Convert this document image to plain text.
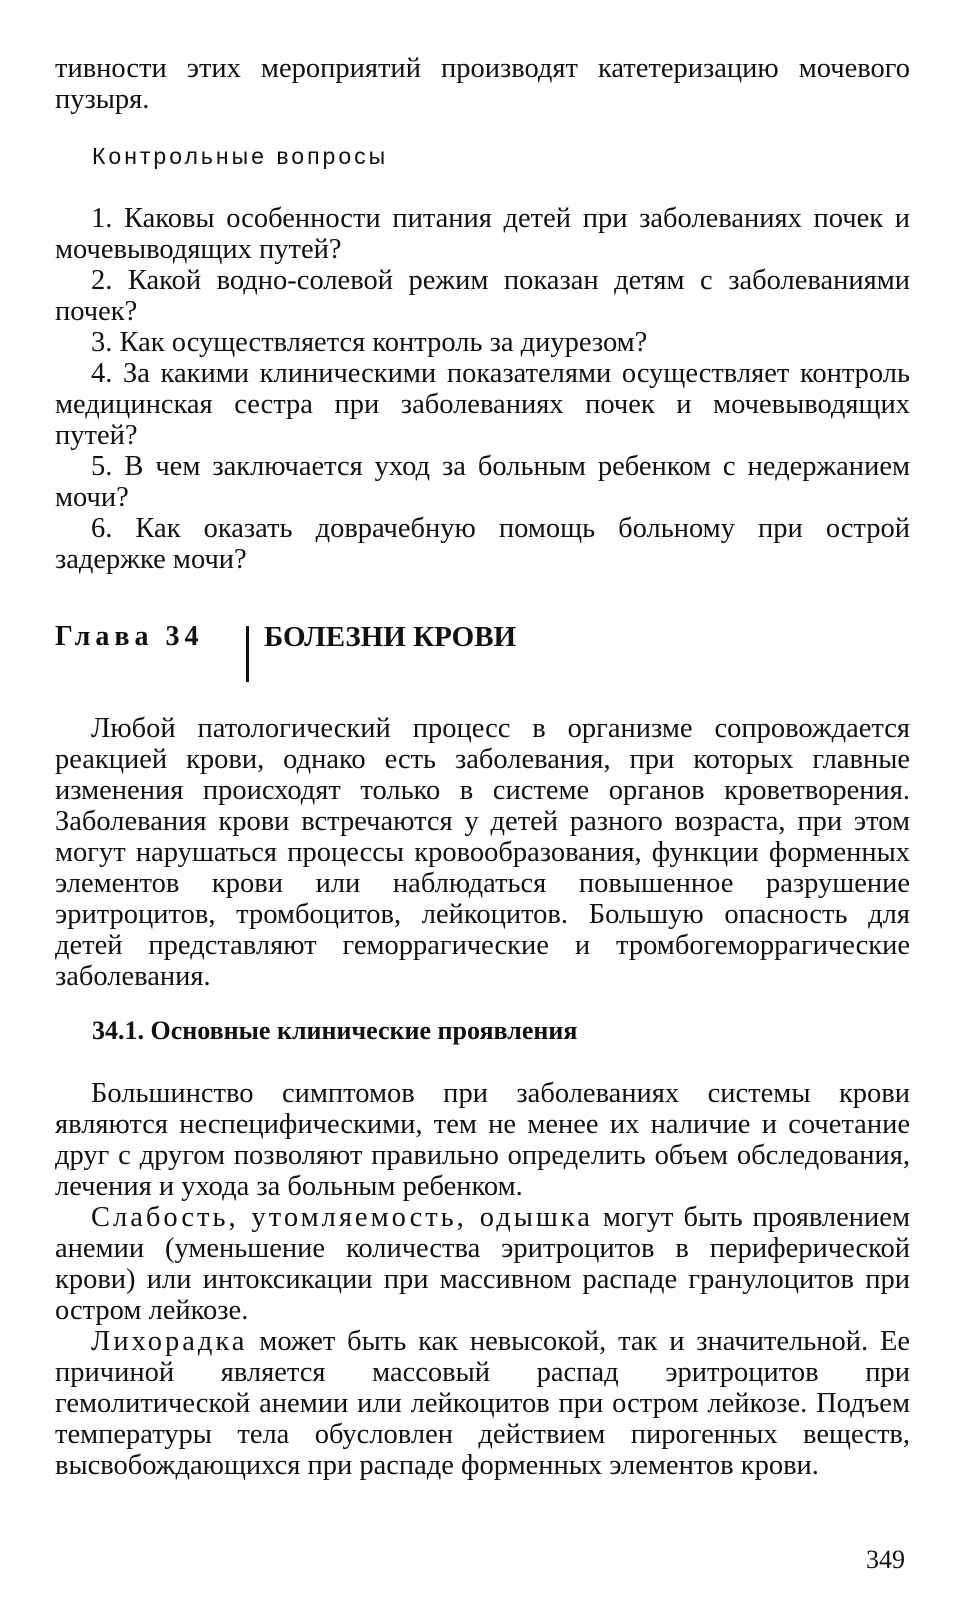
тивности этих мероприятий производят катетеризацию мочевого пузыря.

Контрольные вопросы

1. Каковы особенности питания детей при заболеваниях почек и мочевыводящих путей?

2. Какой водно-солевой режим показан детям с заболеваниями почек?

3. Как осуществляется контроль за диурезом?

4. За какими клиническими показателями осуществляет контроль медицинская сестра при заболеваниях почек и мочевыводящих путей?

5. В чем заключается уход за больным ребенком с недержанием мочи?

6. Как оказать доврачебную помощь больному при острой задержке мочи?

Глава 34 БОЛЕЗНИ КРОВИ

Любой патологический процесс в организме сопровождается реакцией крови, однако есть заболевания, при которых главные изменения происходят только в системе органов кроветворения. Заболевания крови встречаются у детей разного возраста, при этом могут нарушаться процессы кровообразования, функции форменных элементов крови или наблюдаться повышенное разрушение эритроцитов, тромбоцитов, лейкоцитов. Большую опасность для детей представляют геморрагические и тромбогеморрагические заболевания.

34.1. Основные клинические проявления

Большинство симптомов при заболеваниях системы крови являются неспецифическими, тем не менее их наличие и сочетание друг с другом позволяют правильно определить объем обследования, лечения и ухода за больным ребенком.

Слабость, утомляемость, одышка могут быть проявлением анемии (уменьшение количества эритроцитов в периферической крови) или интоксикации при массивном распаде гранулоцитов при остром лейкозе.

Лихорадка может быть как невысокой, так и значительной. Ее причиной является массовый распад эритроцитов при гемолитической анемии или лейкоцитов при остром лейкозе. Подъем температуры тела обусловлен действием пирогенных веществ, высвобождающихся при распаде форменных элементов крови.

349
